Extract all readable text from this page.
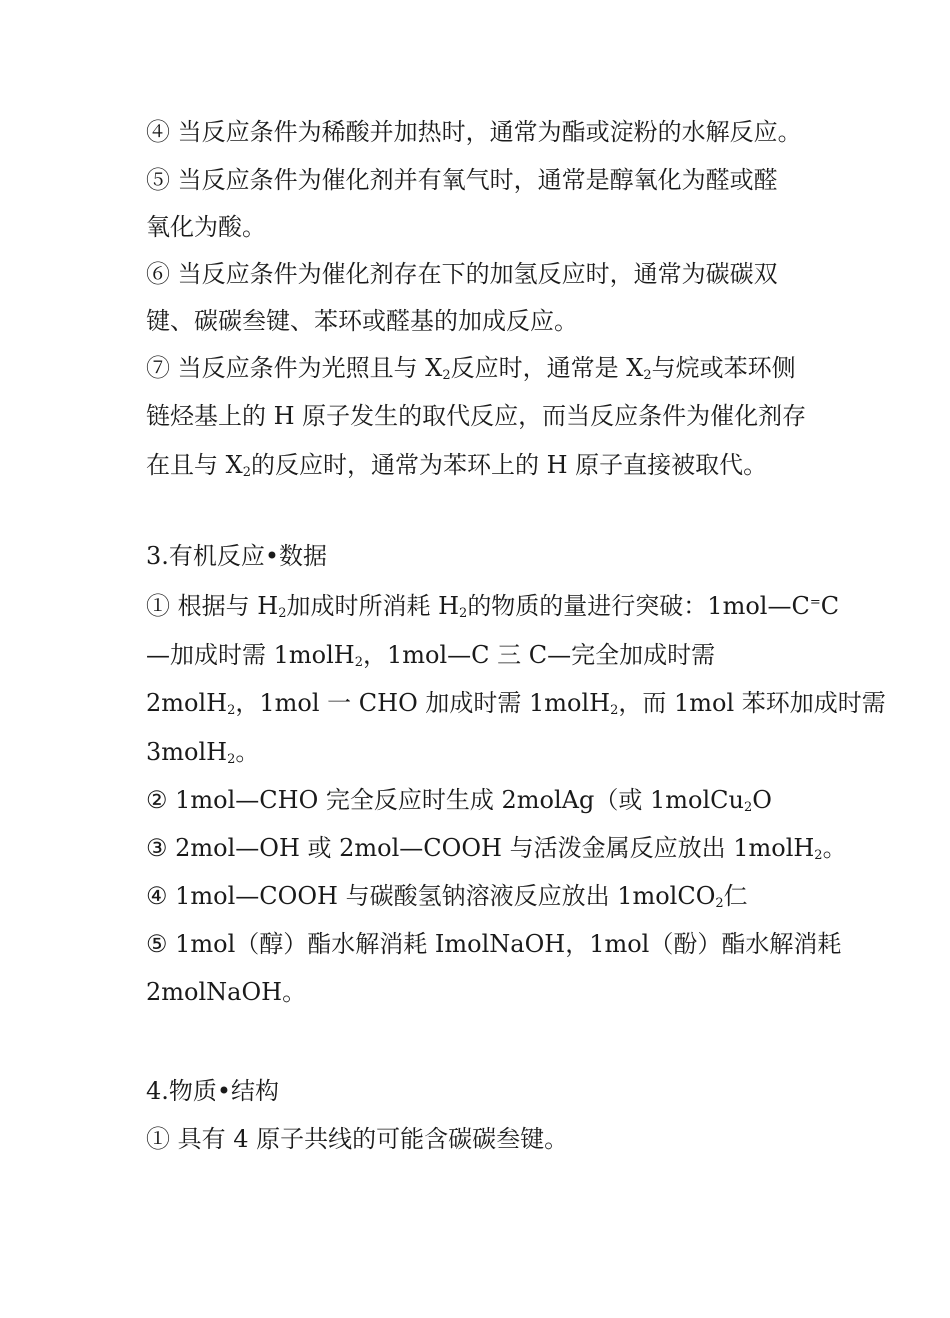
④ 当反应条件为稀酸并加热时，通常为酯或淀粉的水解反应。

⑤ 当反应条件为催化剂并有氧气时，通常是醇氧化为醛或醛

氧化为酸。

⑥ 当反应条件为催化剂存在下的加氢反应时，通常为碳碳双

键、碳碳叁键、苯环或醛基的加成反应。

⑦ 当反应条件为光照且与 $X_2$反应时，通常是 $X_2$与烷或苯环侧

链烃基上的 H 原子发生的取代反应，而当反应条件为催化剂存

在且与 $X_2$的反应时，通常为苯环上的 H 原子直接被取代。

3.有机反应•数据

① 根据与 $H_2$加成时所消耗 $H_2$的物质的量进行突破：1mol—C=C

—加成时需 1molH$_2$，1mol—C 三 C—完全加成时需

2molH$_2$，1mol 一 CHO 加成时需 1molH$_2$，而 1mol 苯环加成时需

3molH$_2$。

② 1mol—CHO 完全反应时生成 2molAg（或 1molCu$_2$O

③ 2mol—OH 或 2mol—COOH 与活泼金属反应放出 1molH$_2$。

④ 1mol—COOH 与碳酸氢钠溶液反应放出 1molCO$_2$仁

⑤ 1mol（醇）酯水解消耗 ImolNaOH，1mol（酚）酯水解消耗

2molNaOH。

4.物质•结构

① 具有 4 原子共线的可能含碳碳叁键。
